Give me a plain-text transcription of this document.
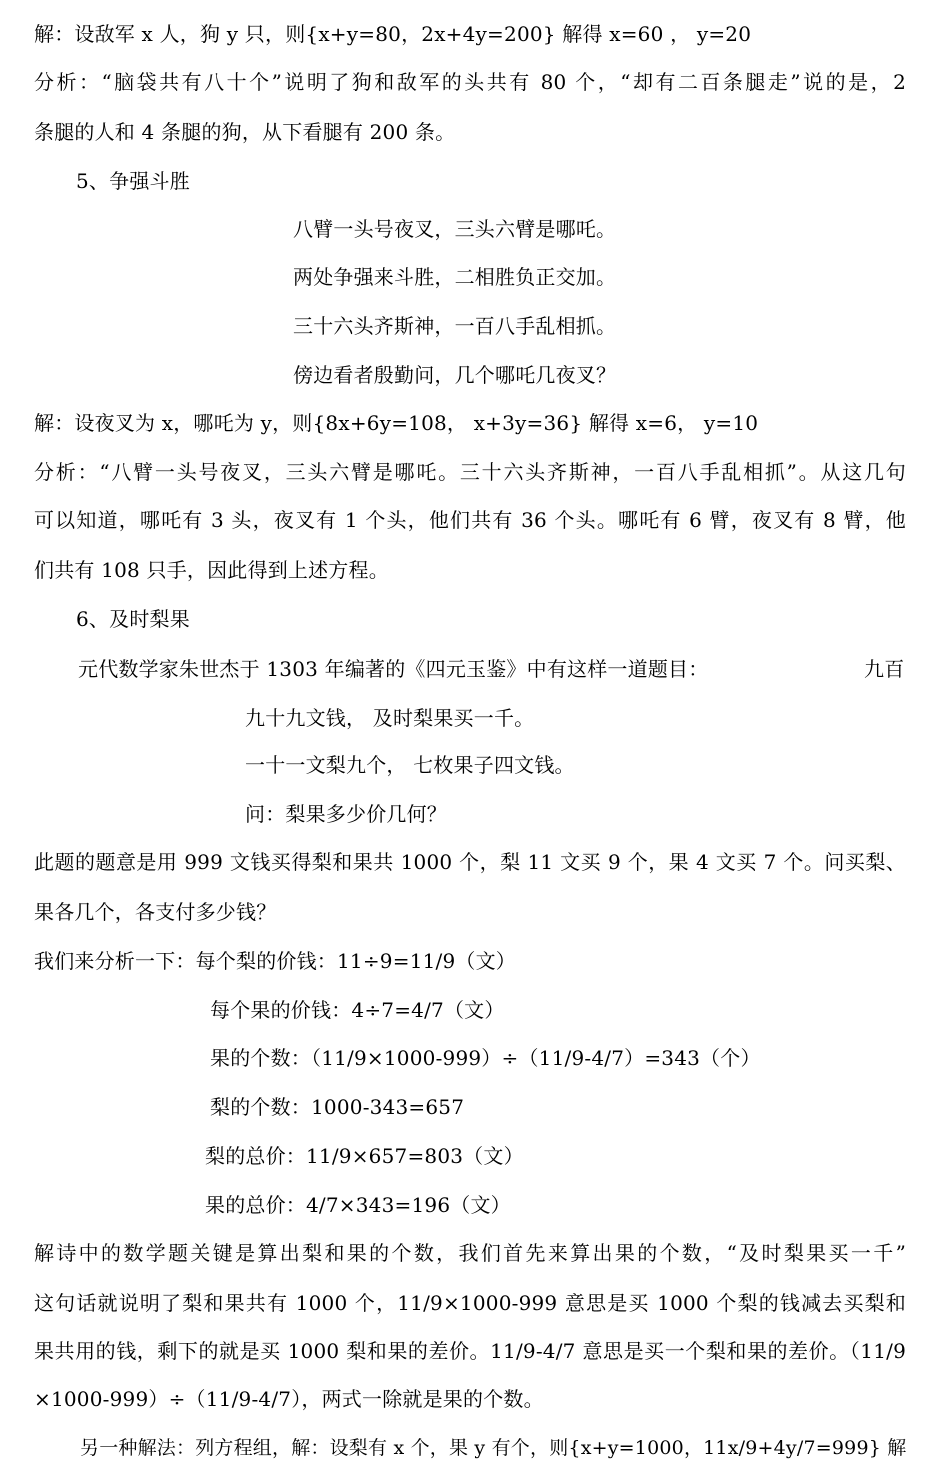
解：设敌军 x 人，狗 y 只，则{x+y=80，2x+4y=200} 解得 x=60 ， y=20
分析：“脑袋共有八十个”说明了狗和敌军的头共有 80 个，“却有二百条腿走”说的是，2
条腿的人和 4 条腿的狗，从下看腿有 200 条。
5、争强斗胜
八臂一头号夜叉，三头六臂是哪吒。
两处争强来斗胜，二相胜负正交加。
三十六头齐斯神，一百八手乱相抓。
傍边看者殷勤问，几个哪吒几夜叉？
解：设夜叉为 x，哪吒为 y，则{8x+6y=108， x+3y=36} 解得 x=6， y=10
分析：“八臂一头号夜叉，三头六臂是哪吒。三十六头齐斯神，一百八手乱相抓”。从这几句
可以知道，哪吒有 3 头，夜叉有 1 个头，他们共有 36 个头。哪吒有 6 臂，夜叉有 8 臂，他
们共有 108 只手，因此得到上述方程。
6、及时梨果
元代数学家朱世杰于 1303 年编著的《四元玉鉴》中有这样一道题目：	九百
九十九文钱， 及时梨果买一千。
一十一文梨九个， 七枚果子四文钱。
问：梨果多少价几何？
此题的题意是用 999 文钱买得梨和果共 1000 个，梨 11 文买 9 个，果 4 文买 7 个。问买梨、
果各几个，各支付多少钱？
我们来分析一下：每个梨的价钱：11÷9=11/9（文）
每个果的价钱：4÷7=4/7（文）
果的个数：（11/9×1000-999）÷（11/9-4/7）=343（个）
梨的个数：1000-343=657
梨的总价：11/9×657=803（文）
果的总价：4/7×343=196（文）
解诗中的数学题关键是算出梨和果的个数，我们首先来算出果的个数，“及时梨果买一千”
这句话就说明了梨和果共有 1000 个，11/9×1000-999 意思是买 1000 个梨的钱减去买梨和
果共用的钱，剩下的就是买 1000 梨和果的差价。11/9-4/7 意思是买一个梨和果的差价。（11/9
×1000-999）÷（11/9-4/7），两式一除就是果的个数。
另一种解法：列方程组，解：设梨有 x 个，果 y 有个，则{x+y=1000，11x/9+4y/7=999} 解
